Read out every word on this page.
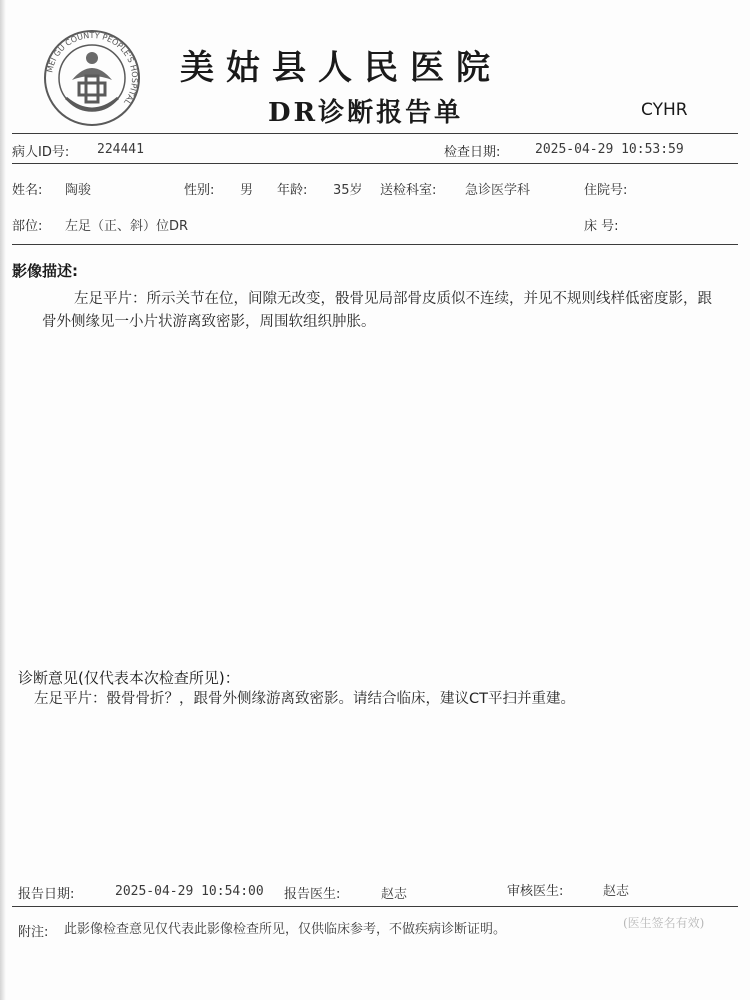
MEI GU COUNTY PEOPLE'S HOSPITAL
美姑县人民医院
DR诊断报告单	CYHR
病人ID号: 224441	检查日期:	2025-04-29 10:53:59
姓名: 陶骏	性别: 男 年龄: 35岁 送检科室: 急诊医学科	住院号:
部位: 左足（正、斜）位DR	床 号:
影像描述:
左足平片：所示关节在位，间隙无改变，骰骨见局部骨皮质似不连续，并见不规则线样低密度影，跟骨外侧缘见一小片状游离致密影，周围软组织肿胀。
诊断意见(仅代表本次检查所见)：
左足平片：骰骨骨折？，跟骨外侧缘游离致密影。请结合临床，建议CT平扫并重建。
报告日期:	2025-04-29 10:54:00 报告医生:	赵志	审核医生:	赵志
附注: 此影像检查意见仅代表此影像检查所见，仅供临床参考，不做疾病诊断证明。	(医生签名有效)
